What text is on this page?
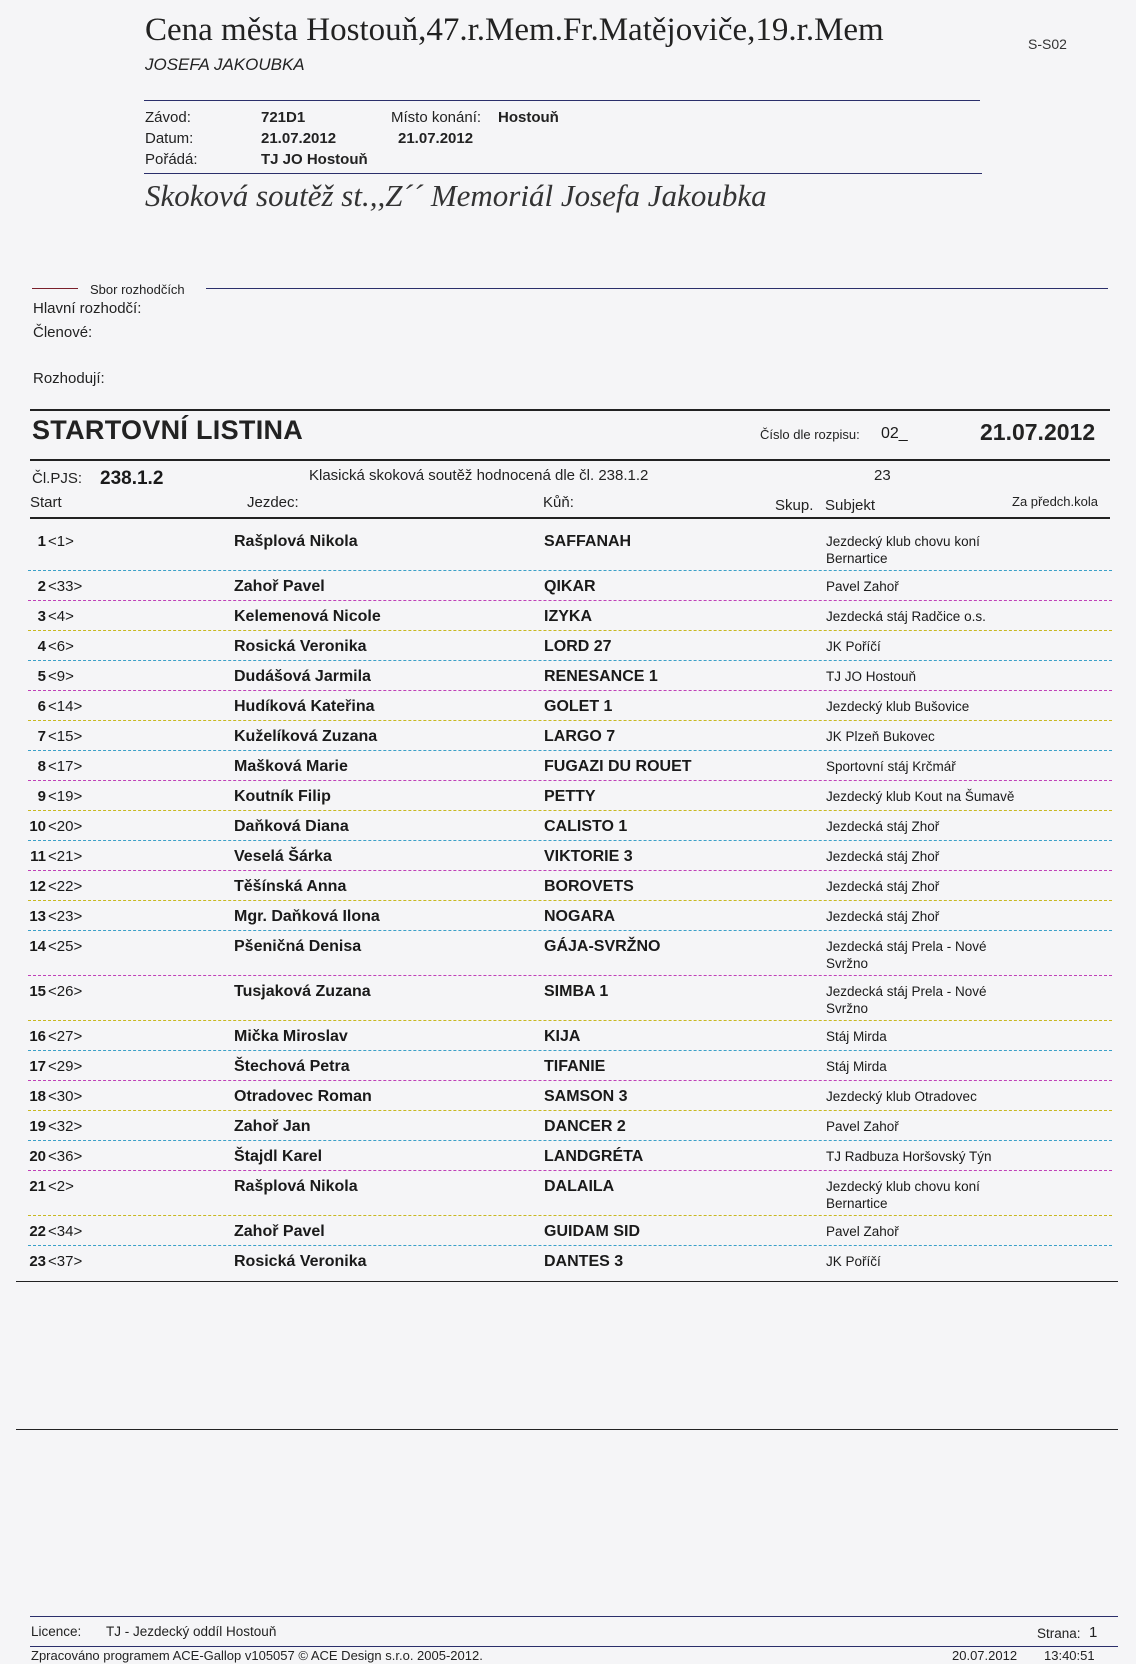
Cena města Hostouň,47.r.Mem.Fr.Matějoviče,19.r.Mem
JOSEFA JAKOUBKA
S-S02
Závod:	721D1	Místo konání: Hostouň
Datum:	21.07.2012	21.07.2012
Pořádá:	TJ JO Hostouň
Skoková soutěž st.,,Z´´ Memoriál Josefa Jakoubka
Sbor rozhodčích
Hlavní rozhodčí:
Členové:
Rozhodují:
STARTOVNÍ LISTINA	Číslo dle rozpisu: 02_	21.07.2012
Čl.PJS: 238.1.2	Klasická skoková soutěž hodnocená dle čl. 238.1.2	23
Start	Jezdec:	Kůň:	Skup. Subjekt	Za předch.kola
1 <1>	Rašplová Nikola	SAFFANAH	Jezdecký klub chovu koní Bernartice
2 <33>	Zahoř Pavel	QIKAR	Pavel Zahoř
3 <4>	Kelemenová Nicole	IZYKA	Jezdecká stáj Radčice o.s.
4 <6>	Rosická Veronika	LORD 27	JK Poříčí
5 <9>	Dudášová Jarmila	RENESANCE 1	TJ JO Hostouň
6 <14>	Hudíková Kateřina	GOLET 1	Jezdecký klub Bušovice
7 <15>	Kuželíková Zuzana	LARGO 7	JK Plzeň Bukovec
8 <17>	Mašková Marie	FUGAZI DU ROUET	Sportovní stáj Krčmář
9 <19>	Koutník Filip	PETTY	Jezdecký klub Kout na Šumavě
10 <20>	Daňková Diana	CALISTO 1	Jezdecká stáj Zhoř
11 <21>	Veselá Šárka	VIKTORIE 3	Jezdecká stáj Zhoř
12 <22>	Těšínská Anna	BOROVETS	Jezdecká stáj Zhoř
13 <23>	Mgr. Daňková Ilona	NOGARA	Jezdecká stáj Zhoř
14 <25>	Pšeničná Denisa	GÁJA-SVRŽNO	Jezdecká stáj Prela - Nové Svržno
15 <26>	Tusjaková Zuzana	SIMBA 1	Jezdecká stáj Prela - Nové Svržno
16 <27>	Mička Miroslav	KIJA	Stáj Mirda
17 <29>	Štechová Petra	TIFANIE	Stáj Mirda
18 <30>	Otradovec Roman	SAMSON 3	Jezdecký klub Otradovec
19 <32>	Zahoř Jan	DANCER 2	Pavel Zahoř
20 <36>	Štajdl Karel	LANDGRÉTA	TJ Radbuza Horšovský Týn
21 <2>	Rašplová Nikola	DALAILA	Jezdecký klub chovu koní Bernartice
22 <34>	Zahoř Pavel	GUIDAM SID	Pavel Zahoř
23 <37>	Rosická Veronika	DANTES 3	JK Poříčí
Licence: TJ - Jezdecký oddíl Hostouň	Strana: 1
Zpracováno programem ACE-Gallop v105057 © ACE Design s.r.o. 2005-2012.	20.07.2012 13:40:51
